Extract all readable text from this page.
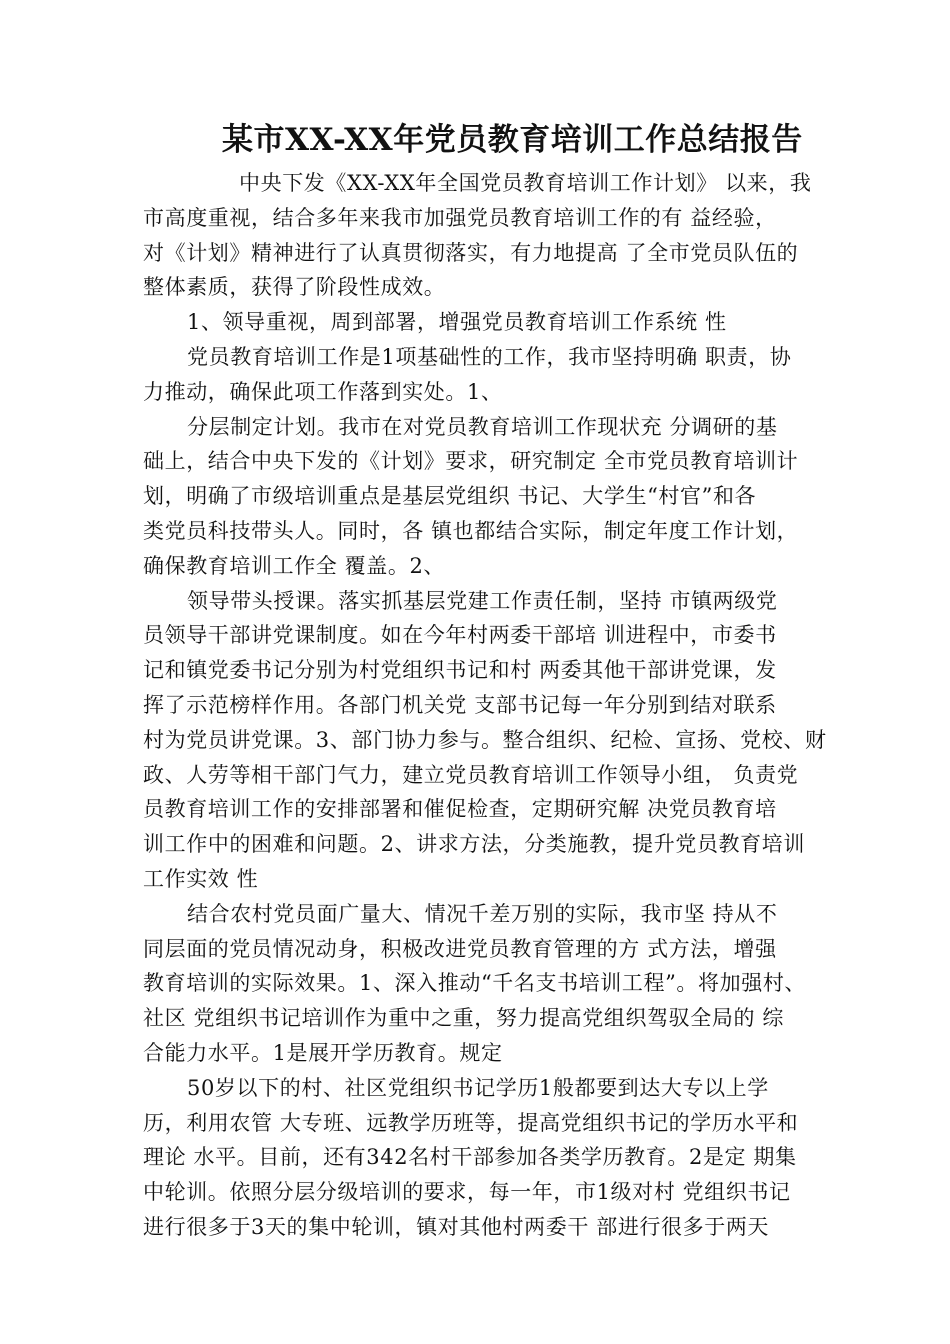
某市XX-XX年党员教育培训工作总结报告
中央下发《XX-XX年全国党员教育培训工作计划》 以来，我
市高度重视，结合多年来我市加强党员教育培训工作的有 益经验，
对《计划》精神进行了认真贯彻落实，有力地提高 了全市党员队伍的
整体素质，获得了阶段性成效。
1、领导重视，周到部署，增强党员教育培训工作系统 性
党员教育培训工作是1项基础性的工作，我市坚持明确 职责，协
力推动，确保此项工作落到实处。1、
分层制定计划。我市在对党员教育培训工作现状充 分调研的基
础上，结合中央下发的《计划》要求，研究制定 全市党员教育培训计
划，明确了市级培训重点是基层党组织 书记、大学生“村官”和各
类党员科技带头人。同时，各 镇也都结合实际，制定年度工作计划，
确保教育培训工作全 覆盖。2、
领导带头授课。落实抓基层党建工作责任制，坚持 市镇两级党
员领导干部讲党课制度。如在今年村两委干部培 训进程中，市委书
记和镇党委书记分别为村党组织书记和村 两委其他干部讲党课，发
挥了示范榜样作用。各部门机关党 支部书记每一年分别到结对联系
村为党员讲党课。3、部门协力参与。整合组织、纪检、宣扬、党校、财
政、人劳等相干部门气力，建立党员教育培训工作领导小组， 负责党
员教育培训工作的安排部署和催促检查，定期研究解 决党员教育培
训工作中的困难和问题。2、讲求方法，分类施教，提升党员教育培训
工作实效 性
结合农村党员面广量大、情况千差万别的实际，我市坚 持从不
同层面的党员情况动身，积极改进党员教育管理的方 式方法，增强
教育培训的实际效果。1、深入推动“千名支书培训工程”。将加强村、
社区 党组织书记培训作为重中之重，努力提高党组织驾驭全局的 综
合能力水平。1是展开学历教育。规定
50岁以下的村、社区党组织书记学历1般都要到达大专以上学
历，利用农管 大专班、远教学历班等，提高党组织书记的学历水平和
理论 水平。目前，还有342名村干部参加各类学历教育。2是定 期集
中轮训。依照分层分级培训的要求，每一年，市1级对村 党组织书记
进行很多于3天的集中轮训，镇对其他村两委干 部进行很多于两天
